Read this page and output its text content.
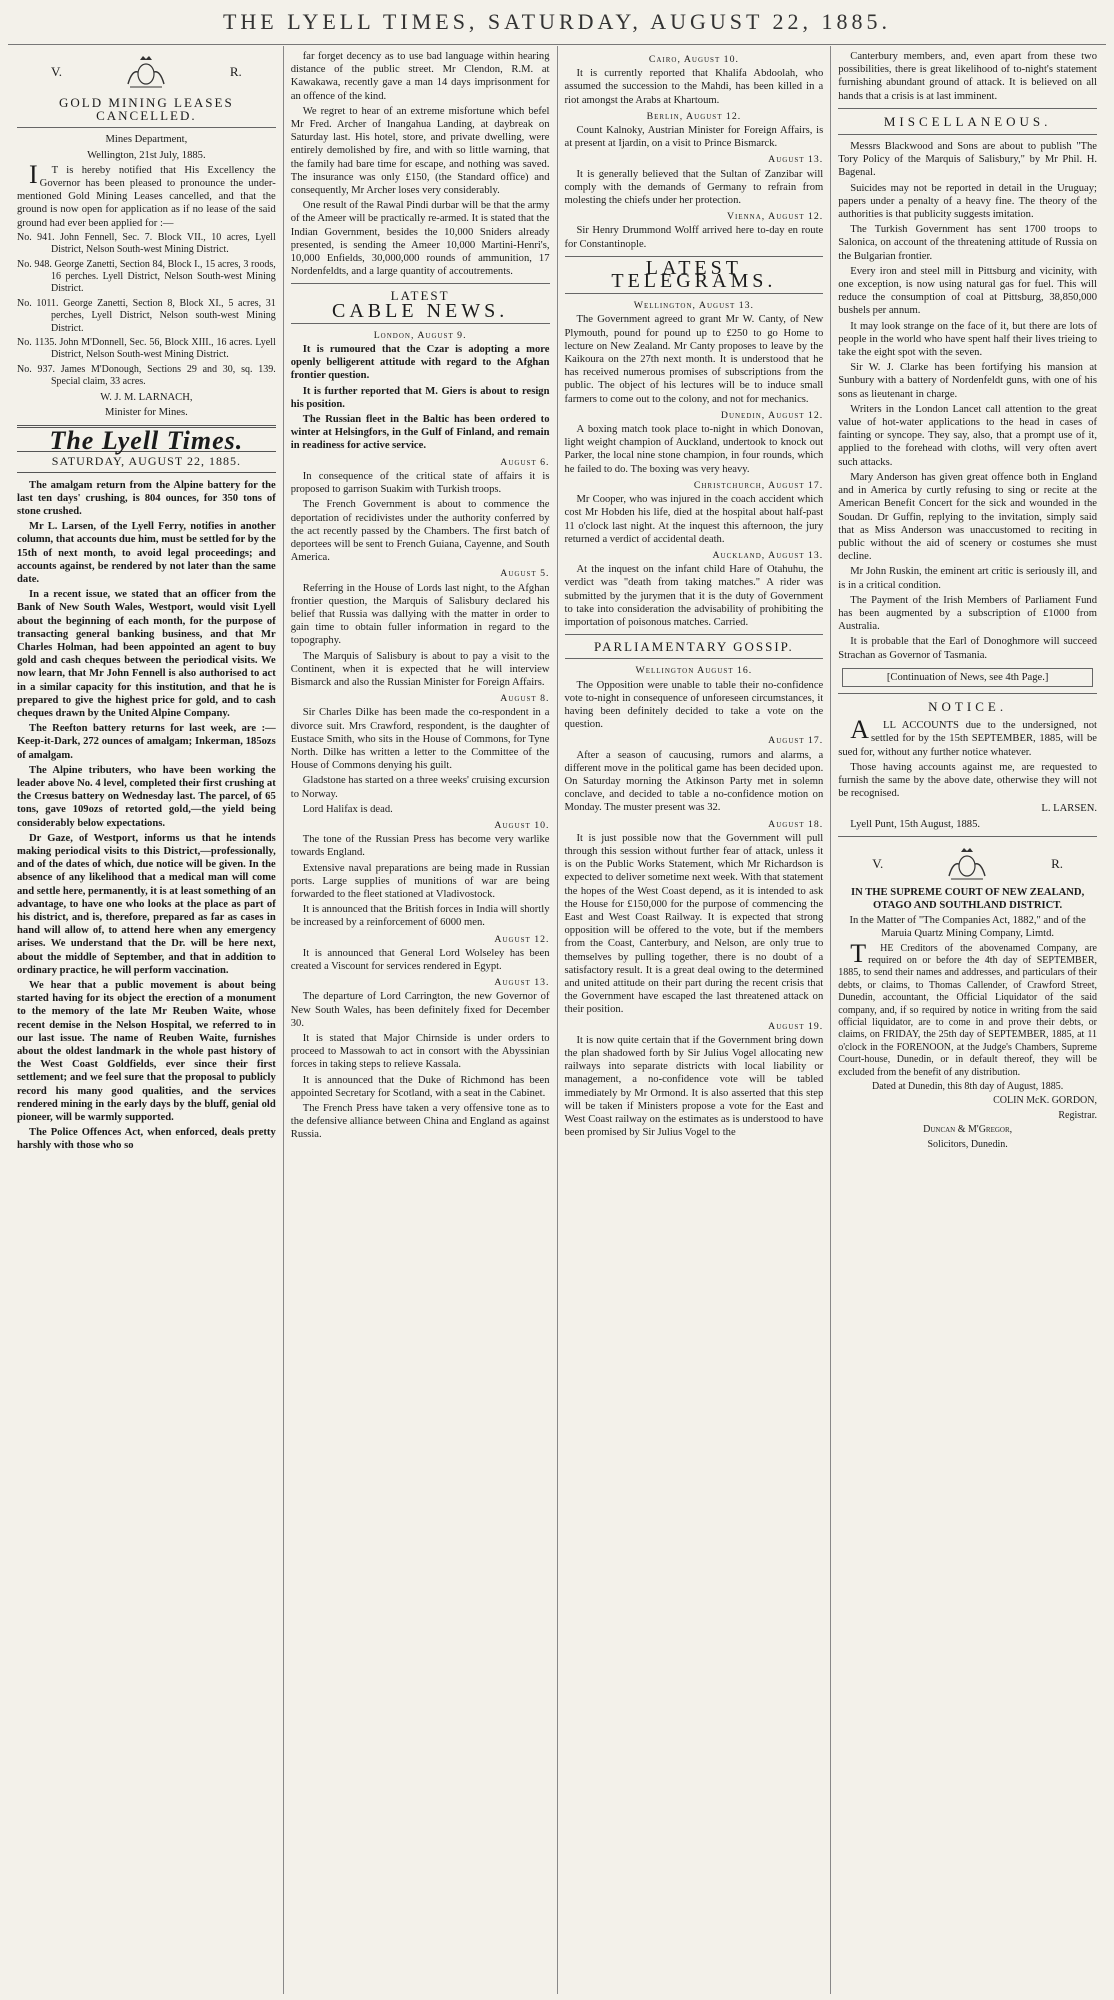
THE LYELL TIMES, SATURDAY, AUGUST 22, 1885.
V.	R.
GOLD MINING LEASES CANCELLED.

Mines Department,

Wellington, 21st July, 1885.

IT is hereby notified that His Excellency the Governor has been pleased to pronounce the under-mentioned Gold Mining Leases cancelled, and that the ground is now open for application as if no lease of the said ground had ever been applied for :—

No. 941. John Fennell, Sec. 7. Block VII., 10 acres, Lyell District, Nelson South-west Mining District.

No. 948. George Zanetti, Section 84, Block I., 15 acres, 3 roods, 16 perches. Lyell District, Nelson South-west Mining District.

No. 1011. George Zanetti, Section 8, Block XI., 5 acres, 31 perches, Lyell District, Nelson south-west Mining District.

No. 1135. John M'Donnell, Sec. 56, Block XIII., 16 acres. Lyell District, Nelson South-west Mining District.

No. 937. James M'Donough, Sections 29 and 30, sq. 139. Special claim, 33 acres.

W. J. M. LARNACH,

Minister for Mines.

The Lyell Times.
SATURDAY, AUGUST 22, 1885.

The amalgam return from the Alpine battery for the last ten days' crushing, is 804 ounces, for 350 tons of stone crushed.

Mr L. Larsen, of the Lyell Ferry, notifies in another column, that accounts due him, must be settled for by the 15th of next month, to avoid legal proceedings; and accounts against, be rendered by not later than the same date.

In a recent issue, we stated that an officer from the Bank of New South Wales, Westport, would visit Lyell about the beginning of each month, for the purpose of transacting general banking business, and that Mr Charles Holman, had been appointed an agent to buy gold and cash cheques between the periodical visits. We now learn, that Mr John Fennell is also authorised to act in a similar capacity for this institution, and that he is prepared to give the highest price for gold, and to cash cheques drawn by the United Alpine Company.

The Reefton battery returns for last week, are :—Keep-it-Dark, 272 ounces of amalgam; Inkerman, 185ozs of amalgam.

The Alpine tributers, who have been working the leader above No. 4 level, completed their first crushing at the Crœsus battery on Wednesday last. The parcel, of 65 tons, gave 109ozs of retorted gold,—the yield being considerably below expectations.

Dr Gaze, of Westport, informs us that he intends making periodical visits to this District,—professionally, and of the dates of which, due notice will be given. In the absence of any likelihood that a medical man will come and settle here, permanently, it is at least something of an advantage, to have one who looks at the place as part of his district, and is, therefore, prepared as far as cases in hand will allow of, to attend here when any emergency arises. We understand that the Dr. will be here next, about the middle of September, and that in addition to ordinary practice, he will perform vaccination.

We hear that a public movement is about being started having for its object the erection of a monument to the memory of the late Mr Reuben Waite, whose recent demise in the Nelson Hospital, we referred to in our last issue. The name of Reuben Waite, furnishes about the oldest landmark in the whole past history of the West Coast Goldfields, ever since their first settlement; and we feel sure that the proposal to publicly record his many good qualities, and the services rendered mining in the early days by the bluff, genial old pioneer, will be warmly supported.

The Police Offences Act, when enforced, deals pretty harshly with those who so

far forget decency as to use bad language within hearing distance of the public street. Mr Clendon, R.M. at Kawakawa, recently gave a man 14 days imprisonment for an offence of the kind.

We regret to hear of an extreme misfortune which befel Mr Fred. Archer of Inangahua Landing, at daybreak on Saturday last. His hotel, store, and private dwelling, were entirely demolished by fire, and with so little warning, that the family had bare time for escape, and nothing was saved. The insurance was only £150, (the Standard office) and consequently, Mr Archer loses very considerably.

One result of the Rawal Pindi durbar will be that the army of the Ameer will be practically re-armed. It is stated that the Indian Government, besides the 10,000 Sniders already presented, is sending the Ameer 10,000 Martini-Henri's, 10,000 Enfields, 30,000,000 rounds of ammunition, 17 Nordenfeldts, and a large quantity of accoutrements.

LATEST
CABLE NEWS.
London, August 9.

It is rumoured that the Czar is adopting a more openly belligerent attitude with regard to the Afghan frontier question.

It is further reported that M. Giers is about to resign his position.

The Russian fleet in the Baltic has been ordered to winter at Helsingfors, in the Gulf of Finland, and remain in readiness for active service.

August 6.

In consequence of the critical state of affairs it is proposed to garrison Suakim with Turkish troops.

The French Government is about to commence the deportation of recidivistes under the authority conferred by the act recently passed by the Chambers. The first batch of deportees will be sent to French Guiana, Cayenne, and South America.

August 5.

Referring in the House of Lords last night, to the Afghan frontier question, the Marquis of Salisbury declared his belief that Russia was dallying with the matter in order to gain time to obtain fuller information in regard to the topography.

The Marquis of Salisbury is about to pay a visit to the Continent, when it is expected that he will interview Bismarck and also the Russian Minister for Foreign Affairs.

August 8.

Sir Charles Dilke has been made the co-respondent in a divorce suit. Mrs Crawford, respondent, is the daughter of Eustace Smith, who sits in the House of Commons, for Tyne North. Dilke has written a letter to the Committee of the House of Commons denying his guilt.

Gladstone has started on a three weeks' cruising excursion to Norway.

Lord Halifax is dead.

August 10.

The tone of the Russian Press has become very warlike towards England.

Extensive naval preparations are being made in Russian ports. Large supplies of munitions of war are being forwarded to the fleet stationed at Vladivostock.

It is announced that the British forces in India will shortly be increased by a reinforcement of 6000 men.

August 12.

It is announced that General Lord Wolseley has been created a Viscount for services rendered in Egypt.

August 13.

The departure of Lord Carrington, the new Governor of New South Wales, has been definitely fixed for December 30.

It is stated that Major Chirnside is under orders to proceed to Massowah to act in consort with the Abyssinian forces in taking steps to relieve Kassala.

It is announced that the Duke of Richmond has been appointed Secretary for Scotland, with a seat in the Cabinet.

The French Press have taken a very offensive tone as to the defensive alliance between China and England as against Russia.

Cairo, August 10.

It is currently reported that Khalifa Abdoolah, who assumed the succession to the Mahdi, has been killed in a riot amongst the Arabs at Khartoum.

Berlin, August 12.

Count Kalnoky, Austrian Minister for Foreign Affairs, is at present at Ijardin, on a visit to Prince Bismarck.

August 13.

It is generally believed that the Sultan of Zanzibar will comply with the demands of Germany to refrain from molesting the chiefs under her protection.

Vienna, August 12.

Sir Henry Drummond Wolff arrived here to-day en route for Constantinople.

LATEST TELEGRAMS.
Wellington, August 13.

The Government agreed to grant Mr W. Canty, of New Plymouth, pound for pound up to £250 to go Home to lecture on New Zealand. Mr Canty proposes to leave by the Kaikoura on the 27th next month. It is understood that he has received numerous promises of subscriptions from the public. The object of his lectures will be to induce small farmers to come out to the colony, and not for mechanics.

Dunedin, August 12.

A boxing match took place to-night in which Donovan, light weight champion of Auckland, undertook to knock out Parker, the local nine stone champion, in four rounds, which he failed to do. The boxing was very heavy.

Christchurch, August 17.

Mr Cooper, who was injured in the coach accident which cost Mr Hobden his life, died at the hospital about half-past 11 o'clock last night. At the inquest this afternoon, the jury returned a verdict of accidental death.

Auckland, August 13.

At the inquest on the infant child Hare of Otahuhu, the verdict was "death from taking matches." A rider was submitted by the jurymen that it is the duty of Government to take into consideration the advisability of prohibiting the importation of poisonous matches. Carried.

PARLIAMENTARY GOSSIP.
Wellington August 16.

The Opposition were unable to table their no-confidence vote to-night in consequence of unforeseen circumstances, it having been definitely decided to take a vote on the question.

August 17.

After a season of caucusing, rumors and alarms, a different move in the political game has been decided upon. On Saturday morning the Atkinson Party met in solemn conclave, and decided to table a no-confidence motion on Monday. The muster present was 32.

August 18.

It is just possible now that the Government will pull through this session without further fear of attack, unless it is on the Public Works Statement, which Mr Richardson is expected to deliver sometime next week. With that statement the hopes of the West Coast depend, as it is intended to ask the House for £150,000 for the purpose of commencing the East and West Coast Railway. It is expected that strong opposition will be offered to the vote, but if the members from the Coast, Canterbury, and Nelson, are only true to themselves by pulling together, there is no doubt of a satisfactory result. It is a great deal owing to the determined and united attitude on their part during the recent crisis that the Government have escaped the last threatened attack on their position.

August 19.

It is now quite certain that if the Government bring down the plan shadowed forth by Sir Julius Vogel allocating new railways into separate districts with local liability or management, a no-confidence vote will be tabled immediately by Mr Ormond. It is also asserted that this step will be taken if Ministers propose a vote for the East and West Coast railway on the estimates as is understood to have been promised by Sir Julius Vogel to the

Canterbury members, and, even apart from these two possibilities, there is great likelihood of to-night's statement furnishing abundant ground of attack. It is believed on all hands that a crisis is at last imminent.

MISCELLANEOUS.

Messrs Blackwood and Sons are about to publish "The Tory Policy of the Marquis of Salisbury," by Mr Phil. H. Bagenal.

Suicides may not be reported in detail in the Uruguay; papers under a penalty of a heavy fine. The theory of the authorities is that publicity suggests imitation.

The Turkish Government has sent 1700 troops to Salonica, on account of the threatening attitude of Russia on the Bulgarian frontier.

Every iron and steel mill in Pittsburg and vicinity, with one exception, is now using natural gas for fuel. This will reduce the consumption of coal at Pittsburg, 38,850,000 bushels per annum.

It may look strange on the face of it, but there are lots of people in the world who have spent half their lives trieing to take the eight spot with the seven.

Sir W. J. Clarke has been fortifying his mansion at Sunbury with a battery of Nordenfeldt guns, with one of his sons as lieutenant in charge.

Writers in the London Lancet call attention to the great value of hot-water applications to the head in cases of fainting or syncope. They say, also, that a prompt use of it, applied to the forehead with cloths, will very often avert such attacks.

Mary Anderson has given great offence both in England and in America by curtly refusing to sing or recite at the American Benefit Concert for the sick and wounded in the Soudan. Dr Guffin, replying to the invitation, simply said that as Miss Anderson was unaccustomed to reciting in public without the aid of scenery or costumes she must decline.

Mr John Ruskin, the eminent art critic is seriously ill, and is in a critical condition.

The Payment of the Irish Members of Parliament Fund has been augmented by a subscription of £1000 from Australia.

It is probable that the Earl of Donoghmore will succeed Strachan as Governor of Tasmania.

[Continuation of News, see 4th Page.]

NOTICE.

ALL ACCOUNTS due to the undersigned, not settled for by the 15th SEPTEMBER, 1885, will be sued for, without any further notice whatever.

Those having accounts against me, are requested to furnish the same by the above date, otherwise they will not be recognised.

L. LARSEN.

Lyell Punt, 15th August, 1885.

V.	R.

IN THE SUPREME COURT OF NEW ZEALAND, OTAGO AND SOUTHLAND DISTRICT.

In the Matter of "The Companies Act, 1882," and of the Maruia Quartz Mining Company, Limtd.

THE Creditors of the abovenamed Company, are required on or before the 4th day of SEPTEMBER, 1885, to send their names and addresses, and particulars of their debts, or claims, to Thomas Callender, of Crawford Street, Dunedin, accountant, the Official Liquidator of the said company, and, if so required by notice in writing from the said official liquidator, are to come in and prove their debts, or claims, on FRIDAY, the 25th day of SEPTEMBER, 1885, at 11 o'clock in the FORENOON, at the Judge's Chambers, Supreme Court-house, Dunedin, or in default thereof, they will be excluded from the benefit of any distribution.

Dated at Dunedin, this 8th day of August, 1885.

COLIN McK. GORDON,

Registrar.

Duncan & M'Gregor,

Solicitors, Dunedin.
